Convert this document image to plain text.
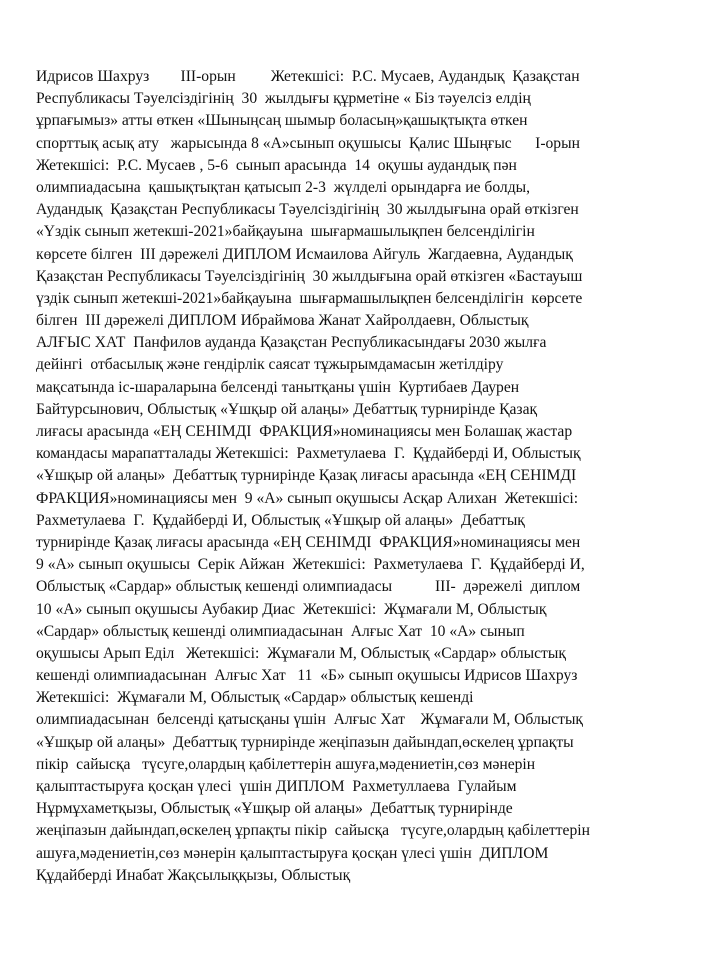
Идрисов Шахруз        III-орын         Жетекшісі:  Р.С. Мусаев, Аудандық  Қазақстан
Республикасы Тәуелсіздігінің  30  жылдығы құрметіне « Біз тәуелсіз елдің
ұрпағымыз» атты өткен «Шыныңсаң шымыр боласың»қашықтықта өткен
спорттық асық ату   жарысында 8 «А»сынып оқушысы  Қалис Шыңғыс      I-орын
Жетекшісі:  Р.С. Мусаев , 5-6  сынып арасында  14  оқушы аудандық пән
олимпиадасына  қашықтықтан қатысып 2-3  жүлделі орындарға ие болды,
Аудандық  Қазақстан Республикасы Тәуелсіздігінің  30 жылдығына орай өткізген
«Үздік сынып жетекші-2021»байқауына  шығармашылықпен белсенділігін
көрсете білген  III дәрежелі ДИПЛОМ Исмаилова Айгуль  Жагдаевна, Аудандық
Қазақстан Республикасы Тәуелсіздігінің  30 жылдығына орай өткізген «Бастауыш
үздік сынып жетекші-2021»байқауына  шығармашылықпен белсенділігін  көрсете
білген  III дәрежелі ДИПЛОМ Ибраймова Жанат Хайролдаевн, Облыстық
АЛҒЫС ХАТ  Панфилов ауданда Қазақстан Республикасындағы 2030 жылға
дейінгі  отбасылық және гендірлік саясат тұжырымдамасын жетілдіру
мақсатында іс-шараларына белсенді танытқаны үшін  Куртибаев Даурен
Байтурсынович, Облыстық «Ұшқыр ой алаңы» Дебаттық турнирінде Қазақ
лиғасы арасында «ЕҢ СЕНІМДІ  ФРАКЦИЯ»номинациясы мен Болашақ жастар
командасы марапатталады Жетекшісі:  Рахметулаева  Г.  Құдайберді И, Облыстық
«Ұшқыр ой алаңы»  Дебаттық турнирінде Қазақ лиғасы арасында «ЕҢ СЕНІМДІ
ФРАКЦИЯ»номинациясы мен  9 «А» сынып оқушысы Асқар Алихан  Жетекшісі:
Рахметулаева  Г.  Құдайберді И, Облыстық «Ұшқыр ой алаңы»  Дебаттық
турнирінде Қазақ лиғасы арасында «ЕҢ СЕНІМДІ  ФРАКЦИЯ»номинациясы мен
9 «А» сынып оқушысы  Серік Айжан  Жетекшісі:  Рахметулаева  Г.  Құдайберді И,
Облыстық «Сардар» облыстық кешенді олимпиадасы           III-  дәрежелі  диплом
10 «А» сынып оқушысы Аубакир Диас  Жетекшісі:  Жұмағали М, Облыстық
«Сардар» облыстық кешенді олимпиадасынан  Алғыс Хат  10 «А» сынып
оқушысы Арып Еділ   Жетекшісі:  Жұмағали М, Облыстық «Сардар» облыстық
кешенді олимпиадасынан  Алғыс Хат   11  «Б» сынып оқушысы Идрисов Шахруз
Жетекшісі:  Жұмағали М, Облыстық «Сардар» облыстық кешенді
олимпиадасынан  белсенді қатысқаны үшін  Алғыс Хат    Жұмағали М, Облыстық
«Ұшқыр ой алаңы»  Дебаттық турнирінде жеңіпазын дайындап,өскелең ұрпақты
пікір  сайысқа   түсуге,олардың қабілеттерін ашуға,мәдениетін,сөз мәнерін
қалыптастыруға қосқан үлесі  үшін ДИПЛОМ  Рахметуллаева  Гулайым
Нұрмұхаметқызы, Облыстық «Ұшқыр ой алаңы»  Дебаттық турнирінде
жеңіпазын дайындап,өскелең ұрпақты пікір  сайысқа   түсуге,олардың қабілеттерін
ашуға,мәдениетін,сөз мәнерін қалыптастыруға қосқан үлесі үшін  ДИПЛОМ
Құдайберді Инабат Жақсылыққызы, Облыстық
